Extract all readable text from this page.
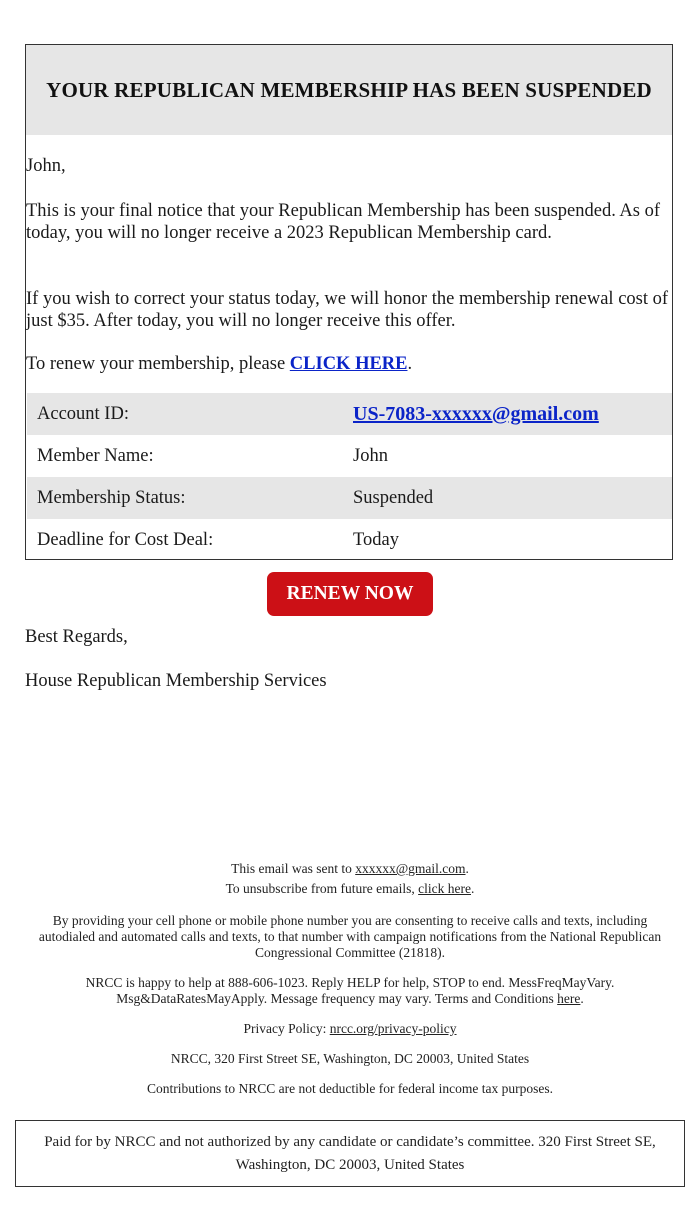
YOUR REPUBLICAN MEMBERSHIP HAS BEEN SUSPENDED

John,

This is your final notice that your Republican Membership has been suspended. As of today, you will no longer receive a 2023 Republican Membership card.

If you wish to correct your status today, we will honor the membership renewal cost of just $35. After today, you will no longer receive this offer.

To renew your membership, please CLICK HERE.

Account ID:	US-7083-xxxxxx@gmail.com
Member Name:	John
Membership Status:	Suspended
Deadline for Cost Deal:	Today
RENEW NOW
Best Regards,
House Republican Membership Services
This email was sent to xxxxxx@gmail.com.
To unsubscribe from future emails, click here.
By providing your cell phone or mobile phone number you are consenting to receive calls and texts, including autodialed and automated calls and texts, to that number with campaign notifications from the National Republican Congressional Committee (21818).
NRCC is happy to help at 888-606-1023. Reply HELP for help, STOP to end. MessFreqMayVary. Msg&DataRatesMayApply. Message frequency may vary. Terms and Conditions here.
Privacy Policy: nrcc.org/privacy-policy
NRCC, 320 First Street SE, Washington, DC 20003, United States
Contributions to NRCC are not deductible for federal income tax purposes.
Paid for by NRCC and not authorized by any candidate or candidate’s committee. 320 First Street SE, Washington, DC 20003, United States
